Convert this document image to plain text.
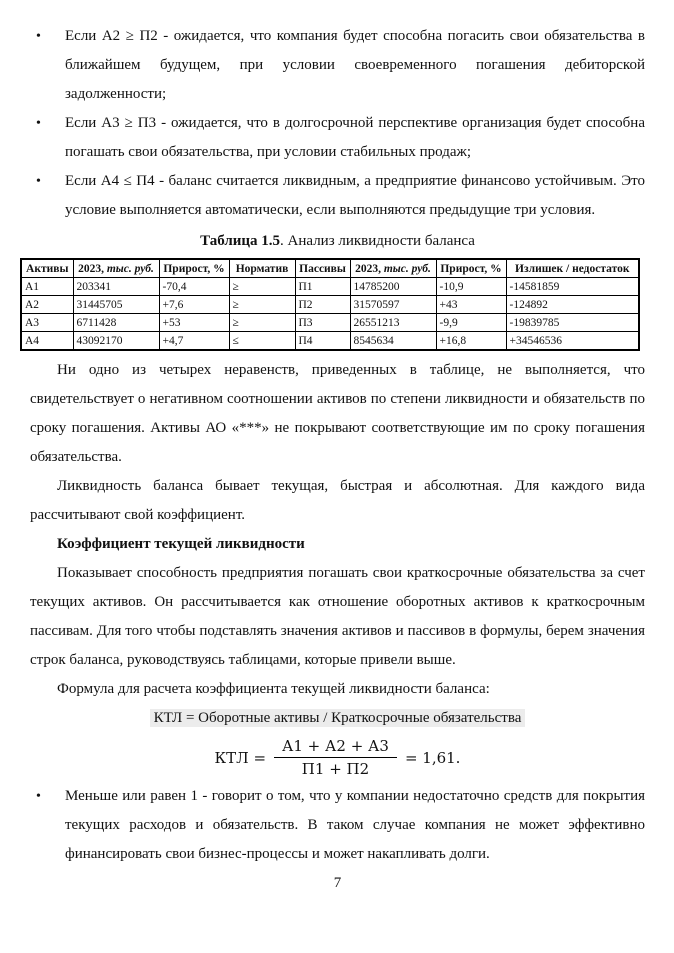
• Если А2 ≥ П2 - ожидается, что компания будет способна погасить свои обязательства в ближайшем будущем, при условии своевременного погашения дебиторской задолженности;
• Если А3 ≥ П3 - ожидается, что в долгосрочной перспективе организация будет способна погашать свои обязательства, при условии стабильных продаж;
• Если А4 ≤ П4 - баланс считается ликвидным, а предприятие финансово устойчивым. Это условие выполняется автоматически, если выполняются предыдущие три условия.
Таблица 1.5. Анализ ликвидности баланса
Активы	2023, тыс. руб.	Прирост, %	Норматив	Пассивы	2023, тыс. руб.	Прирост, %	Излишек / недостаток
А1	203341	-70,4	≥	П1	14785200	-10,9	-14581859
А2	31445705	+7,6	≥	П2	31570597	+43	-124892
А3	6711428	+53	≥	П3	26551213	-9,9	-19839785
А4	43092170	+4,7	≤	П4	8545634	+16,8	+34546536

Ни одно из четырех неравенств, приведенных в таблице, не выполняется, что свидетельствует о негативном соотношении активов по степени ликвидности и обязательств по сроку погашения. Активы АО «***» не покрывают соответствующие им по сроку погашения обязательства.

Ликвидность баланса бывает текущая, быстрая и абсолютная. Для каждого вида рассчитывают свой коэффициент.

Коэффициент текущей ликвидности

Показывает способность предприятия погашать свои краткосрочные обязательства за счет текущих активов. Он рассчитывается как отношение оборотных активов к краткосрочным пассивам. Для того чтобы подставлять значения активов и пассивов в формулы, берем значения строк баланса, руководствуясь таблицами, которые привели выше.

Формула для расчета коэффициента текущей ликвидности баланса:

КТЛ = Оборотные активы / Краткосрочные обязательства
КТЛ = $\frac{А1 + А2 + А3}{П1 + П2} = 1,61$.
• Меньше или равен 1 - говорит о том, что у компании недостаточно средств для покрытия текущих расходов и обязательств. В таком случае компания не может эффективно финансировать свои бизнес-процессы и может накапливать долги.
7
